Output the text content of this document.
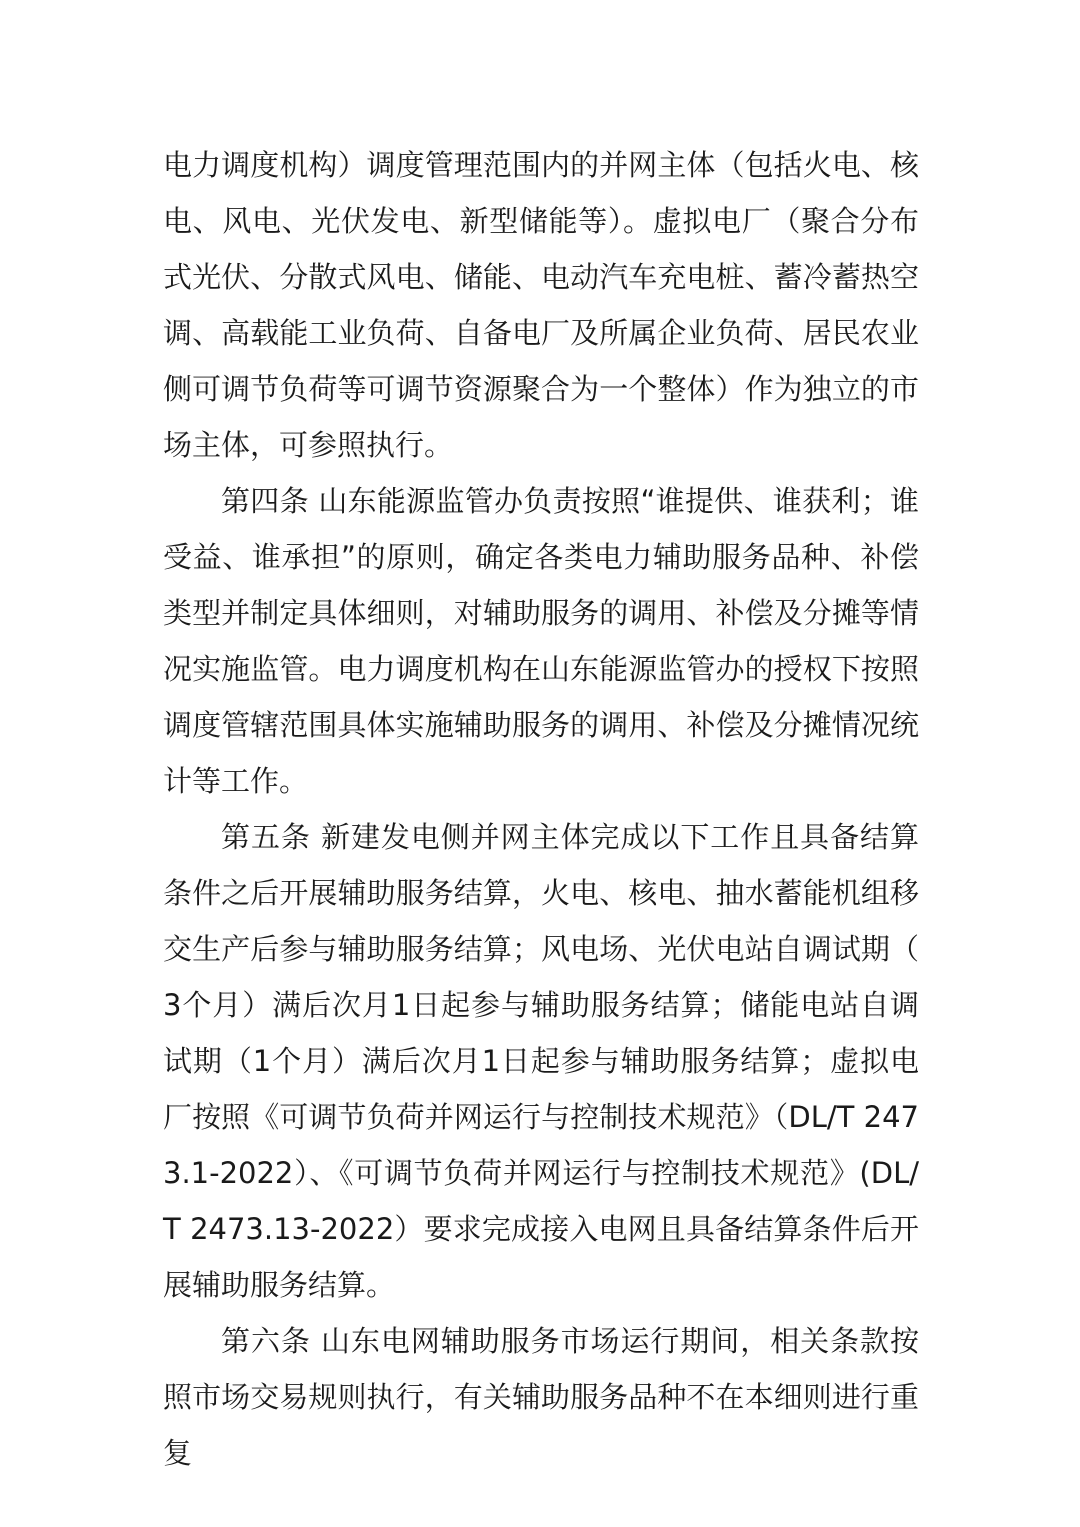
电力调度机构）调度管理范围内的并网主体（包括火电、核电、风电、光伏发电、新型储能等）。虚拟电厂（聚合分布式光伏、分散式风电、储能、电动汽车充电桩、蓄冷蓄热空调、高载能工业负荷、自备电厂及所属企业负荷、居民农业侧可调节负荷等可调节资源聚合为一个整体）作为独立的市场主体，可参照执行。

第四条 山东能源监管办负责按照“谁提供、谁获利；谁受益、谁承担”的原则，确定各类电力辅助服务品种、补偿类型并制定具体细则，对辅助服务的调用、补偿及分摊等情况实施监管。电力调度机构在山东能源监管办的授权下按照调度管辖范围具体实施辅助服务的调用、补偿及分摊情况统计等工作。

第五条 新建发电侧并网主体完成以下工作且具备结算条件之后开展辅助服务结算，火电、核电、抽水蓄能机组移交生产后参与辅助服务结算；风电场、光伏电站自调试期（3个月）满后次月1日起参与辅助服务结算；储能电站自调试期（1个月）满后次月1日起参与辅助服务结算；虚拟电厂按照《可调节负荷并网运行与控制技术规范》（DL/T 2473.1-2022）、《可调节负荷并网运行与控制技术规范》(DL/T 2473.13-2022）要求完成接入电网且具备结算条件后开展辅助服务结算。

第六条 山东电网辅助服务市场运行期间，相关条款按照市场交易规则执行，有关辅助服务品种不在本细则进行重复
